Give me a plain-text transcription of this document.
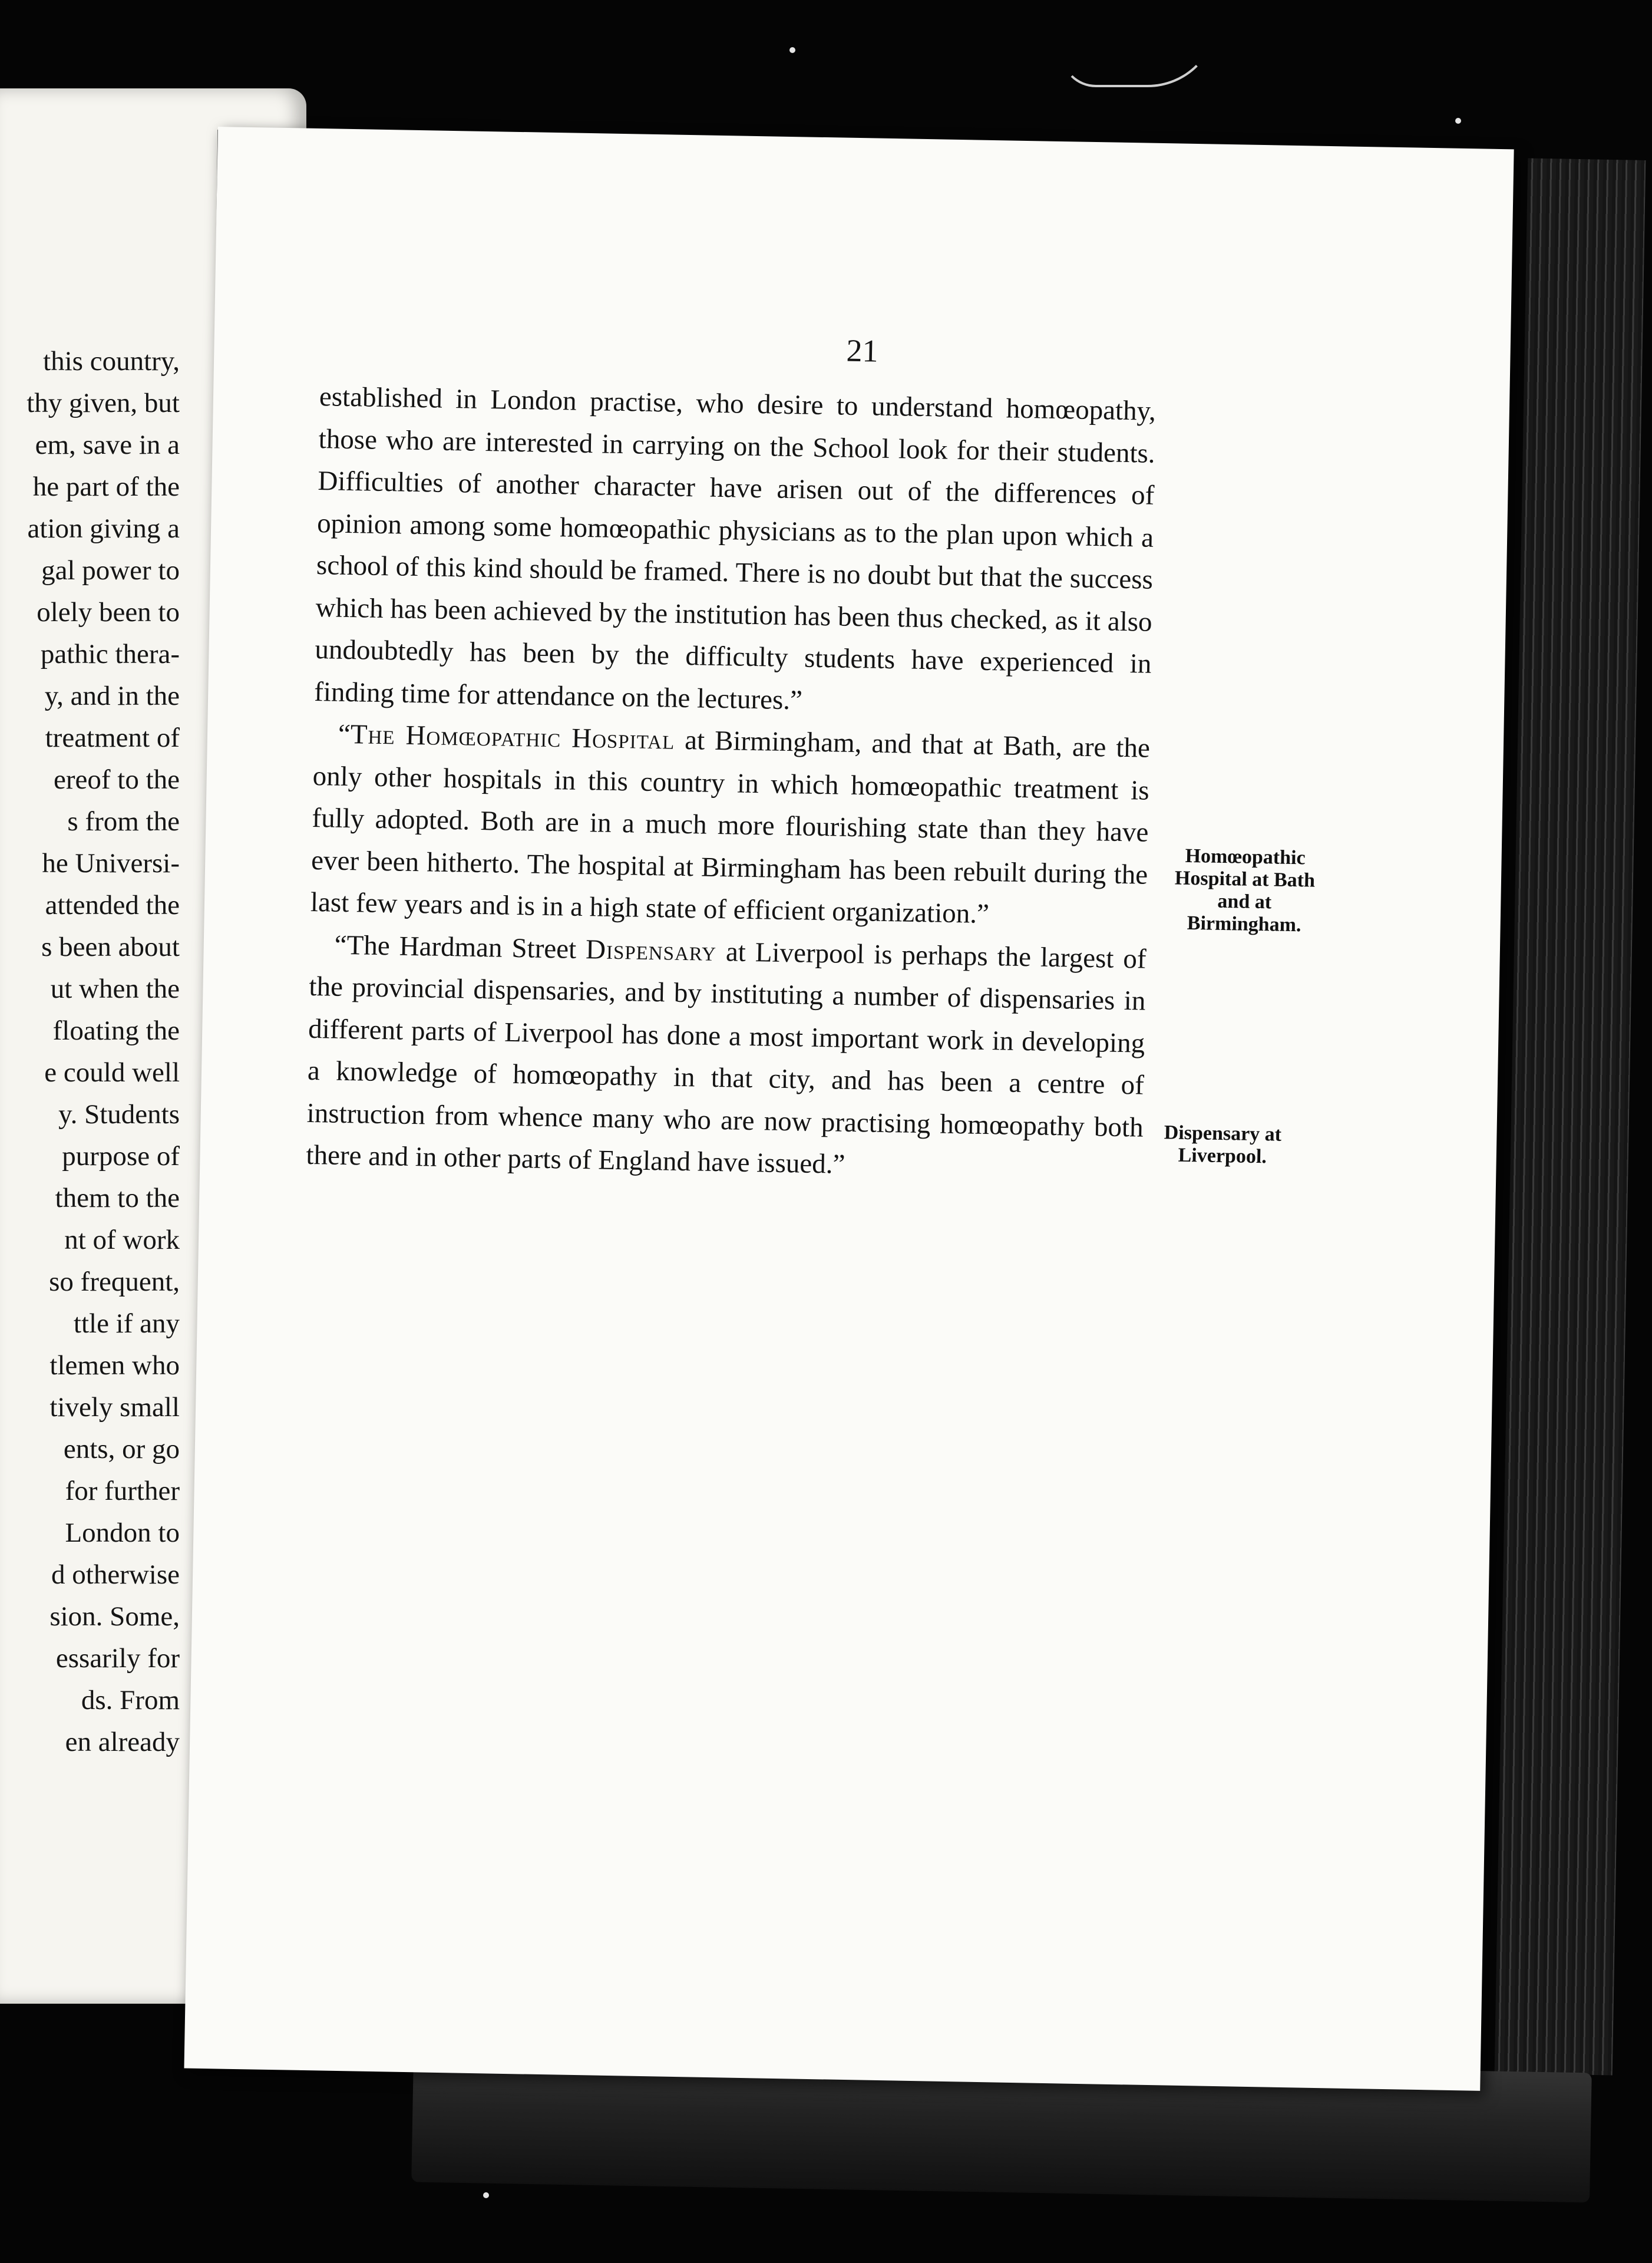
this country,
thy given, but
em, save in a
he part of the
ation giving a
gal power to
olely been to
pathic thera-
y, and in the
treatment of
ereof to the
s from the
he Universi-
attended the
s been about
ut when the
floating the
e could well
y. Students
purpose of
them to the
nt of work
so frequent,
ttle if any
tlemen who
tively small
ents, or go
for further
London to
d otherwise
sion. Some,
essarily for
ds. From
en already
21

established in London practise, who desire to understand homœopathy, those who are interested in carrying on the School look for their students. Difficulties of another character have arisen out of the differences of opinion among some homœopathic physicians as to the plan upon which a school of this kind should be framed. There is no doubt but that the success which has been achieved by the institution has been thus checked, as it also undoubtedly has been by the difficulty students have experienced in finding time for attendance on the lectures.”

“The Homœopathic Hospital at Birmingham, and that at Bath, are the only other hospitals in this country in which homœopathic treatment is fully adopted. Both are in a much more flourishing state than they have ever been hitherto. The hospital at Birmingham has been rebuilt during the last few years and is in a high state of efficient organization.”

“The Hardman Street Dispensary at Liverpool is perhaps the largest of the provincial dispensaries, and by instituting a number of dispensaries in different parts of Liverpool has done a most important work in developing a knowledge of homœopathy in that city, and has been a centre of instruction from whence many who are now practising homœopathy both there and in other parts of England have issued.”

Homœopathic Hospital at Bath and at Birmingham.
Dispensary at Liverpool.
